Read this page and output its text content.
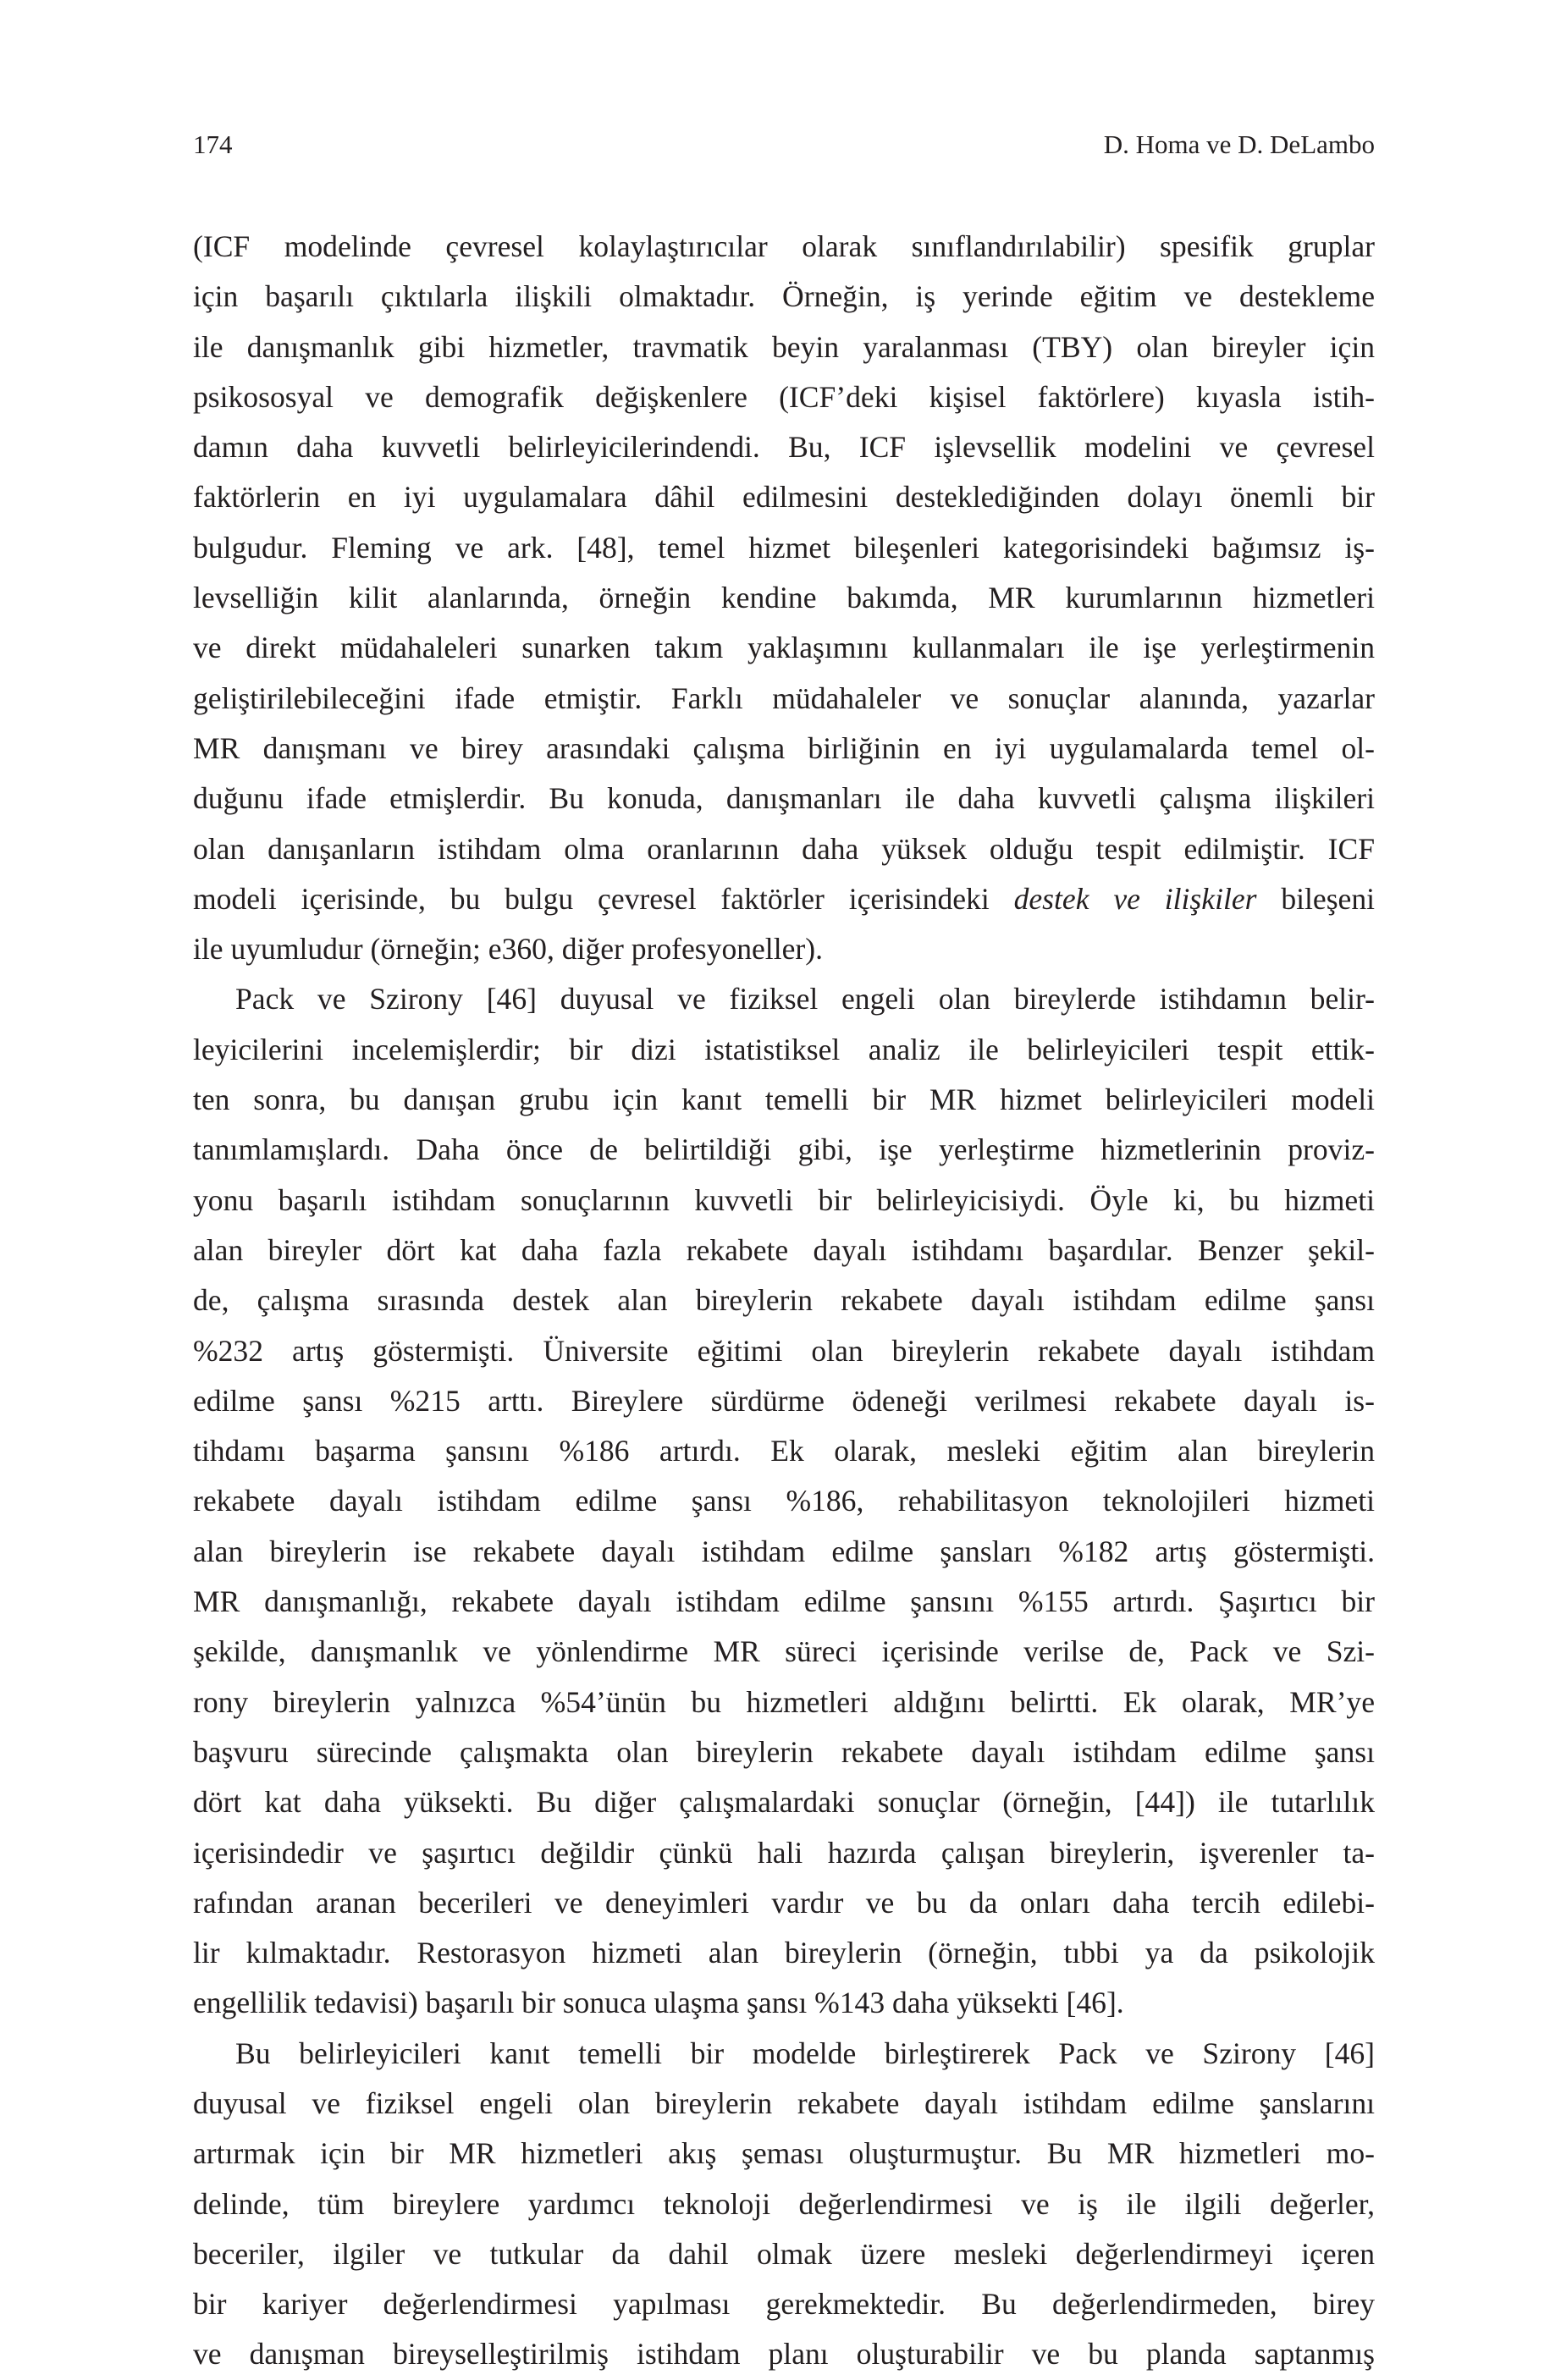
174	D. Homa ve D. DeLambo

(ICF modelinde çevresel kolaylaştırıcılar olarak sınıflandırılabilir) spesifik gruplar
için başarılı çıktılarla ilişkili olmaktadır. Örneğin, iş yerinde eğitim ve destekleme
ile danışmanlık gibi hizmetler, travmatik beyin yaralanması (TBY) olan bireyler için
psikososyal ve demografik değişkenlere (ICF’deki kişisel faktörlere) kıyasla istih-
damın daha kuvvetli belirleyicilerindendi. Bu, ICF işlevsellik modelini ve çevresel
faktörlerin en iyi uygulamalara dâhil edilmesini desteklediğinden dolayı önemli bir
bulgudur. Fleming ve ark. [48], temel hizmet bileşenleri kategorisindeki bağımsız iş-
levselliğin kilit alanlarında, örneğin kendine bakımda, MR kurumlarının hizmetleri
ve direkt müdahaleleri sunarken takım yaklaşımını kullanmaları ile işe yerleştirmenin
geliştirilebileceğini ifade etmiştir. Farklı müdahaleler ve sonuçlar alanında, yazarlar
MR danışmanı ve birey arasındaki çalışma birliğinin en iyi uygulamalarda temel ol-
duğunu ifade etmişlerdir. Bu konuda, danışmanları ile daha kuvvetli çalışma ilişkileri
olan danışanların istihdam olma oranlarının daha yüksek olduğu tespit edilmiştir. ICF
modeli içerisinde, bu bulgu çevresel faktörler içerisindeki destek ve ilişkiler bileşeni
ile uyumludur (örneğin; e360, diğer profesyoneller).

Pack ve Szirony [46] duyusal ve fiziksel engeli olan bireylerde istihdamın belir-
leyicilerini incelemişlerdir; bir dizi istatistiksel analiz ile belirleyicileri tespit ettik-
ten sonra, bu danışan grubu için kanıt temelli bir MR hizmet belirleyicileri modeli
tanımlamışlardı. Daha önce de belirtildiği gibi, işe yerleştirme hizmetlerinin proviz-
yonu başarılı istihdam sonuçlarının kuvvetli bir belirleyicisiydi. Öyle ki, bu hizmeti
alan bireyler dört kat daha fazla rekabete dayalı istihdamı başardılar. Benzer şekil-
de, çalışma sırasında destek alan bireylerin rekabete dayalı istihdam edilme şansı
%232 artış göstermişti. Üniversite eğitimi olan bireylerin rekabete dayalı istihdam
edilme şansı %215 arttı. Bireylere sürdürme ödeneği verilmesi rekabete dayalı is-
tihdamı başarma şansını %186 artırdı. Ek olarak, mesleki eğitim alan bireylerin
rekabete dayalı istihdam edilme şansı %186, rehabilitasyon teknolojileri hizmeti
alan bireylerin ise rekabete dayalı istihdam edilme şansları %182 artış göstermişti.
MR danışmanlığı, rekabete dayalı istihdam edilme şansını %155 artırdı. Şaşırtıcı bir
şekilde, danışmanlık ve yönlendirme MR süreci içerisinde verilse de, Pack ve Szi-
rony bireylerin yalnızca %54’ünün bu hizmetleri aldığını belirtti. Ek olarak, MR’ye
başvuru sürecinde çalışmakta olan bireylerin rekabete dayalı istihdam edilme şansı
dört kat daha yüksekti. Bu diğer çalışmalardaki sonuçlar (örneğin, [44]) ile tutarlılık
içerisindedir ve şaşırtıcı değildir çünkü hali hazırda çalışan bireylerin, işverenler ta-
rafından aranan becerileri ve deneyimleri vardır ve bu da onları daha tercih edilebi-
lir kılmaktadır. Restorasyon hizmeti alan bireylerin (örneğin, tıbbi ya da psikolojik
engellilik tedavisi) başarılı bir sonuca ulaşma şansı %143 daha yüksekti [46].

Bu belirleyicileri kanıt temelli bir modelde birleştirerek Pack ve Szirony [46]
duyusal ve fiziksel engeli olan bireylerin rekabete dayalı istihdam edilme şanslarını
artırmak için bir MR hizmetleri akış şeması oluşturmuştur. Bu MR hizmetleri mo-
delinde, tüm bireylere yardımcı teknoloji değerlendirmesi ve iş ile ilgili değerler,
beceriler, ilgiler ve tutkular da dahil olmak üzere mesleki değerlendirmeyi içeren
bir kariyer değerlendirmesi yapılması gerekmektedir. Bu değerlendirmeden, birey
ve danışman bireyselleştirilmiş istihdam planı oluşturabilir ve bu planda saptanmış
